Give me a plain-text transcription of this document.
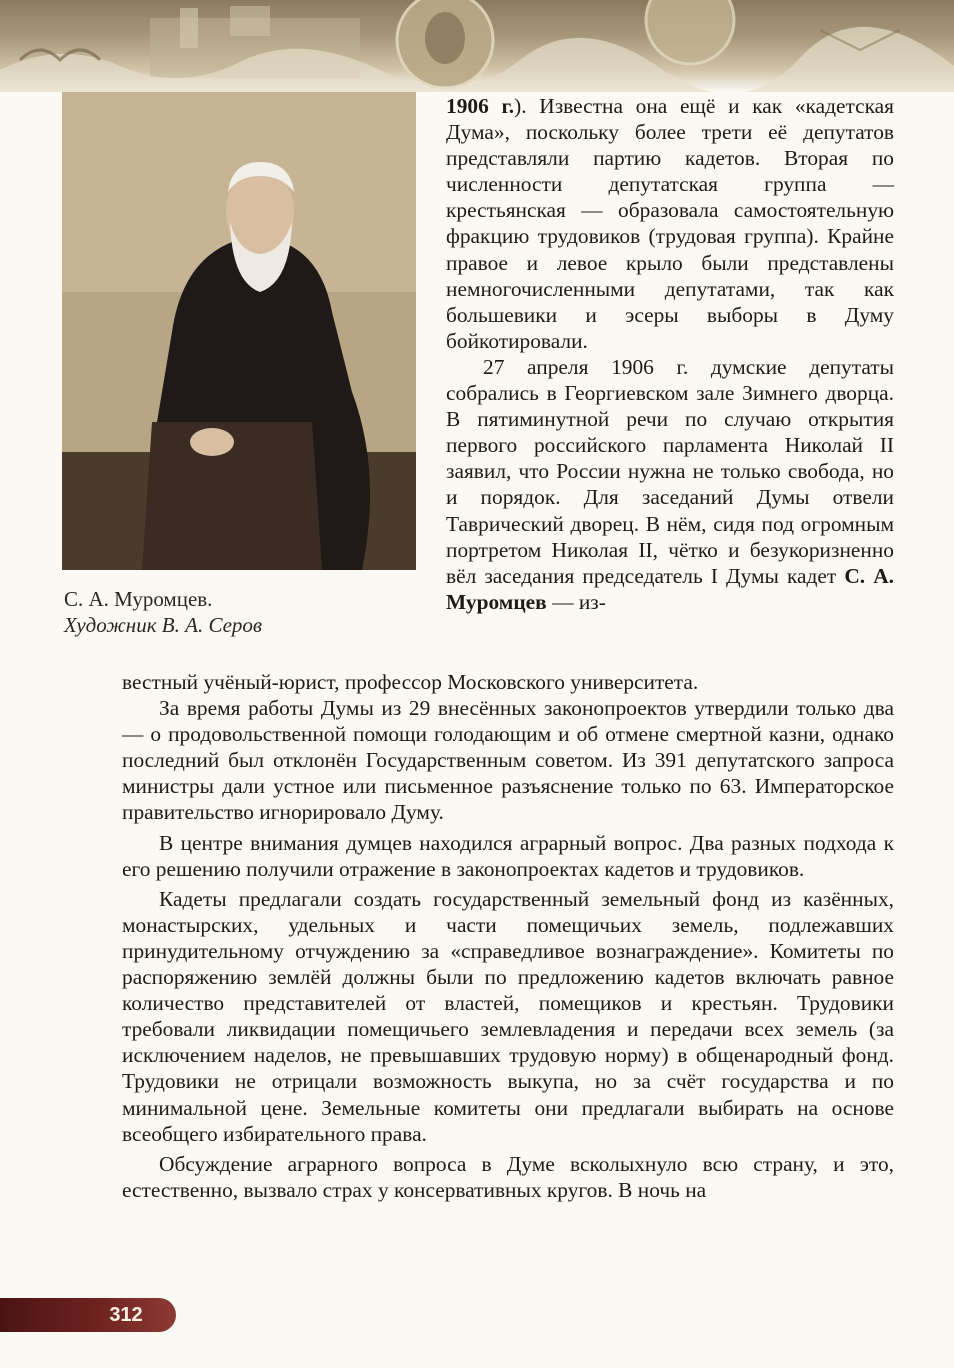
С. А. Муромцев.
Художник В. А. Серов

1906 г.). Известна она ещё и как «кадетская Дума», поскольку более трети её депутатов представляли партию кадетов. Вторая по численности депутатская группа — крестьянская — образовала самостоятельную фракцию трудовиков (трудовая группа). Крайне правое и левое крыло были представлены немногочисленными депутатами, так как большевики и эсеры выборы в Думу бойкотировали.

27 апреля 1906 г. думские депутаты собрались в Георгиевском зале Зимнего дворца. В пятиминутной речи по случаю открытия первого российского парламента Николай II заявил, что России нужна не только свобода, но и порядок. Для заседаний Думы отвели Таврический дворец. В нём, сидя под огромным портретом Николая II, чётко и безукоризненно вёл заседания председатель I Думы кадет С. А. Муромцев — из-

вестный учёный-юрист, профессор Московского университета.

За время работы Думы из 29 внесённых законопроектов утвердили только два — о продовольственной помощи голодающим и об отмене смертной казни, однако последний был отклонён Государственным советом. Из 391 депутатского запроса министры дали устное или письменное разъяснение только по 63. Императорское правительство игнорировало Думу.

В центре внимания думцев находился аграрный вопрос. Два разных подхода к его решению получили отражение в законопроектах кадетов и трудовиков.

Кадеты предлагали создать государственный земельный фонд из казённых, монастырских, удельных и части помещичьих земель, подлежавших принудительному отчуждению за «справедливое вознаграждение». Комитеты по распоряжению землёй должны были по предложению кадетов включать равное количество представителей от властей, помещиков и крестьян. Трудовики требовали ликвидации помещичьего землевладения и передачи всех земель (за исключением наделов, не превышавших трудовую норму) в общенародный фонд. Трудовики не отрицали возможность выкупа, но за счёт государства и по минимальной цене. Земельные комитеты они предлагали выбирать на основе всеобщего избирательного права.

Обсуждение аграрного вопроса в Думе всколыхнуло всю страну, и это, естественно, вызвало страх у консервативных кругов. В ночь на

312
